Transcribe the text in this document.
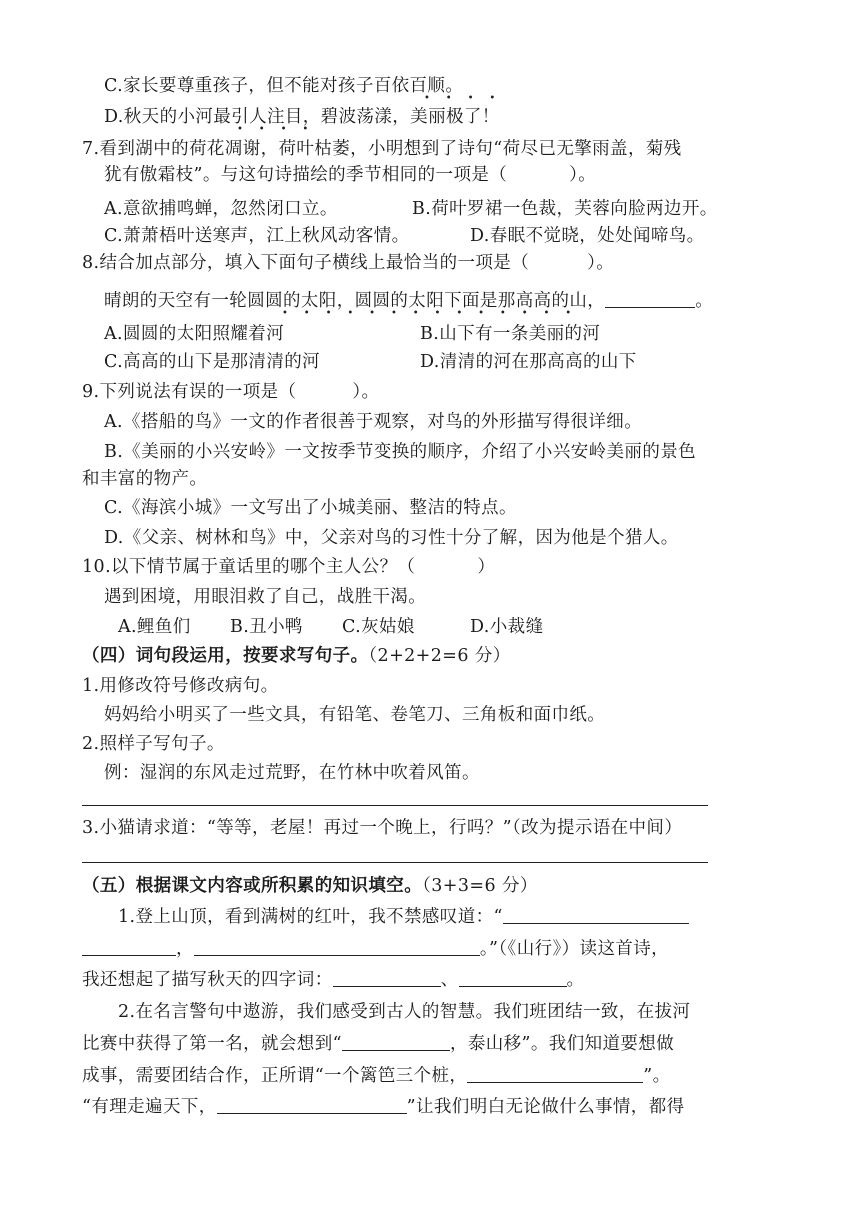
C.家长要尊重孩子，但不能对孩子百依百顺。
•     •     •     •
D.秋天的小河最引人注目，碧波荡漾，美丽极了！
•     •     •     •
7.看到湖中的荷花凋谢，荷叶枯萎，小明想到了诗句“荷尽已无擎雨盖，菊残
犹有傲霜枝”。与这句诗描绘的季节相同的一项是（	）。
A.意欲捕鸣蝉，忽然闭口立。	B.荷叶罗裙一色裁，芙蓉向脸两边开。
C.萧萧梧叶送寒声，江上秋风动客情。	D.春眠不觉晓，处处闻啼鸟。
8.结合加点部分，填入下面句子横线上最恰当的一项是（	）。
晴朗的天空有一轮圆圆的太阳，圆圆的太阳下面是那高高的山，	。
•     •     •     •     •     •     •     •     •     •     •     •     •     •
A.圆圆的太阳照耀着河	B.山下有一条美丽的河
C.高高的山下是那清清的河	D.清清的河在那高高的山下
9.下列说法有误的一项是（	）。
A.《搭船的鸟》一文的作者很善于观察，对鸟的外形描写得很详细。
B.《美丽的小兴安岭》一文按季节变换的顺序，介绍了小兴安岭美丽的景色
和丰富的物产。
C.《海滨小城》一文写出了小城美丽、整洁的特点。
D.《父亲、树林和鸟》中，父亲对鸟的习性十分了解，因为他是个猎人。
10.以下情节属于童话里的哪个主人公？（	）
遇到困境，用眼泪救了自己，战胜干渴。
A.鲤鱼们 B.丑小鸭 C.灰姑娘	D.小裁缝
（四）词句段运用，按要求写句子。（2+2+2=6 分）
1.用修改符号修改病句。
妈妈给小明买了一些文具，有铅笔、卷笔刀、三角板和面巾纸。
2.照样子写句子。
例：湿润的东风走过荒野，在竹林中吹着风笛。
3.小猫请求道：“等等，老屋！再过一个晚上，行吗？”（改为提示语在中间）
（五）根据课文内容或所积累的知识填空。（3+3=6 分）
1.登上山顶，看到满树的红叶，我不禁感叹道：“
，	。”（《山行》）读这首诗，
我还想起了描写秋天的四字词：	、	。
2.在名言警句中遨游，我们感受到古人的智慧。我们班团结一致，在拔河
比赛中获得了第一名，就会想到“	，泰山移”。我们知道要想做
成事，需要团结合作，正所谓“一个篱笆三个桩，	”。
“有理走遍天下，	”让我们明白无论做什么事情，都得
